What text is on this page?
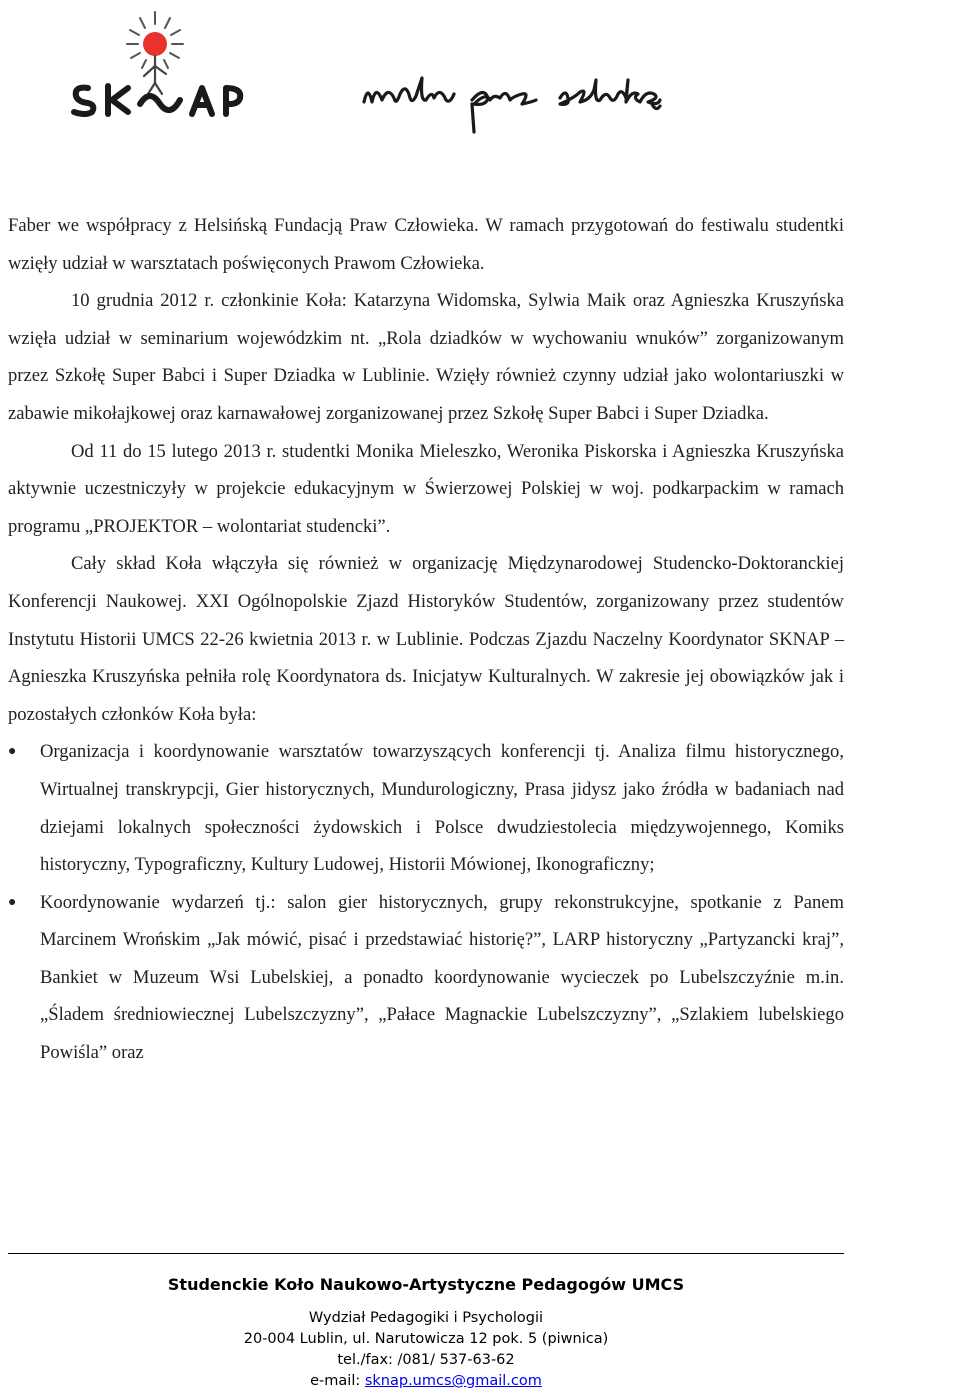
Faber we współpracy z Helsińską Fundacją Praw Człowieka. W ramach przygotowań do festiwalu studentki wzięły udział w warsztatach poświęconych Prawom Człowieka.

10 grudnia 2012 r. członkinie Koła: Katarzyna Widomska, Sylwia Maik oraz Agnieszka Kruszyńska wzięła udział w seminarium wojewódzkim nt. „Rola dziadków w wychowaniu wnuków” zorganizowanym przez Szkołę Super Babci i Super Dziadka w Lublinie. Wzięły również czynny udział jako wolontariuszki w zabawie mikołajkowej oraz karnawałowej zorganizowanej przez Szkołę Super Babci i Super Dziadka.

Od 11 do 15 lutego 2013 r. studentki Monika Mieleszko, Weronika Piskorska i Agnieszka Kruszyńska aktywnie uczestniczyły w projekcie edukacyjnym w Świerzowej Polskiej w woj. podkarpackim w ramach programu „PROJEKTOR – wolontariat studencki”.

Cały skład Koła włączyła się również w organizację Międzynarodowej Studencko-Doktoranckiej Konferencji Naukowej. XXI Ogólnopolskie Zjazd Historyków Studentów, zorganizowany przez studentów Instytutu Historii UMCS 22-26 kwietnia 2013 r. w Lublinie. Podczas Zjazdu Naczelny Koordynator SKNAP – Agnieszka Kruszyńska pełniła rolę Koordynatora ds. Inicjatyw Kulturalnych. W zakresie jej obowiązków jak i pozostałych członków Koła była:

● Organizacja i koordynowanie warsztatów towarzyszących konferencji tj. Analiza filmu historycznego, Wirtualnej transkrypcji, Gier historycznych, Mundurologiczny, Prasa jidysz jako źródła w badaniach nad dziejami lokalnych społeczności żydowskich i Polsce dwudziestolecia międzywojennego, Komiks historyczny, Typograficzny, Kultury Ludowej, Historii Mówionej, Ikonograficzny;
● Koordynowanie wydarzeń tj.: salon gier historycznych, grupy rekonstrukcyjne, spotkanie z Panem Marcinem Wrońskim „Jak mówić, pisać i przedstawiać historię?”, LARP historyczny „Partyzancki kraj”, Bankiet w Muzeum Wsi Lubelskiej, a ponadto koordynowanie wycieczek po Lubelszczyźnie m.in. „Śladem średniowiecznej Lubelszczyzny”, „Pałace Magnackie Lubelszczyzny”, „Szlakiem lubelskiego Powiśla” oraz
Studenckie Koło Naukowo-Artystyczne Pedagogów UMCS
Wydział Pedagogiki i Psychologii
20-004 Lublin, ul. Narutowicza 12 pok. 5 (piwnica)
tel./fax: /081/ 537-63-62
e-mail: sknap.umcs@gmail.com
